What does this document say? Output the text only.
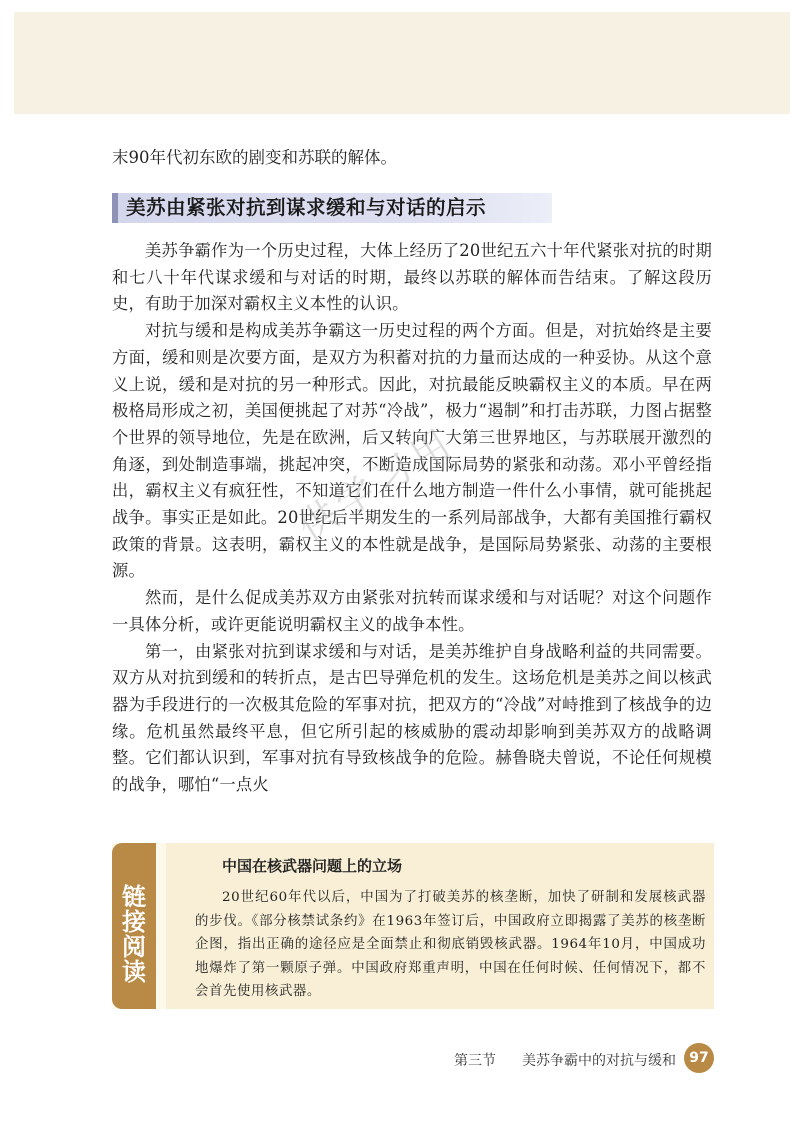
末90年代初东欧的剧变和苏联的解体。

美苏由紧张对抗到谋求缓和与对话的启示

美苏争霸作为一个历史过程，大体上经历了20世纪五六十年代紧张对抗的时期和七八十年代谋求缓和与对话的时期，最终以苏联的解体而告结束。了解这段历史，有助于加深对霸权主义本性的认识。

对抗与缓和是构成美苏争霸这一历史过程的两个方面。但是，对抗始终是主要方面，缓和则是次要方面，是双方为积蓄对抗的力量而达成的一种妥协。从这个意义上说，缓和是对抗的另一种形式。因此，对抗最能反映霸权主义的本质。早在两极格局形成之初，美国便挑起了对苏“冷战”，极力“遏制”和打击苏联，力图占据整个世界的领导地位，先是在欧洲，后又转向广大第三世界地区，与苏联展开激烈的角逐，到处制造事端，挑起冲突，不断造成国际局势的紧张和动荡。邓小平曾经指出，霸权主义有疯狂性，不知道它们在什么地方制造一件什么小事情，就可能挑起战争。事实正是如此。20世纪后半期发生的一系列局部战争，大都有美国推行霸权政策的背景。这表明，霸权主义的本性就是战争，是国际局势紧张、动荡的主要根源。

然而，是什么促成美苏双方由紧张对抗转而谋求缓和与对话呢？对这个问题作一具体分析，或许更能说明霸权主义的战争本性。

第一，由紧张对抗到谋求缓和与对话，是美苏维护自身战略利益的共同需要。双方从对抗到缓和的转折点，是古巴导弹危机的发生。这场危机是美苏之间以核武器为手段进行的一次极其危险的军事对抗，把双方的“冷战”对峙推到了核战争的边缘。危机虽然最终平息，但它所引起的核威胁的震动却影响到美苏双方的战略调整。它们都认识到，军事对抗有导致核战争的危险。赫鲁晓夫曾说，不论任何规模的战争，哪怕“一点火

供学习用
链接阅读
中国在核武器问题上的立场

20世纪60年代以后，中国为了打破美苏的核垄断，加快了研制和发展核武器的步伐。《部分核禁试条约》在1963年签订后，中国政府立即揭露了美苏的核垄断企图，指出正确的途径应是全面禁止和彻底销毁核武器。1964年10月，中国成功地爆炸了第一颗原子弹。中国政府郑重声明，中国在任何时候、任何情况下，都不会首先使用核武器。

第三节 美苏争霸中的对抗与缓和 97
